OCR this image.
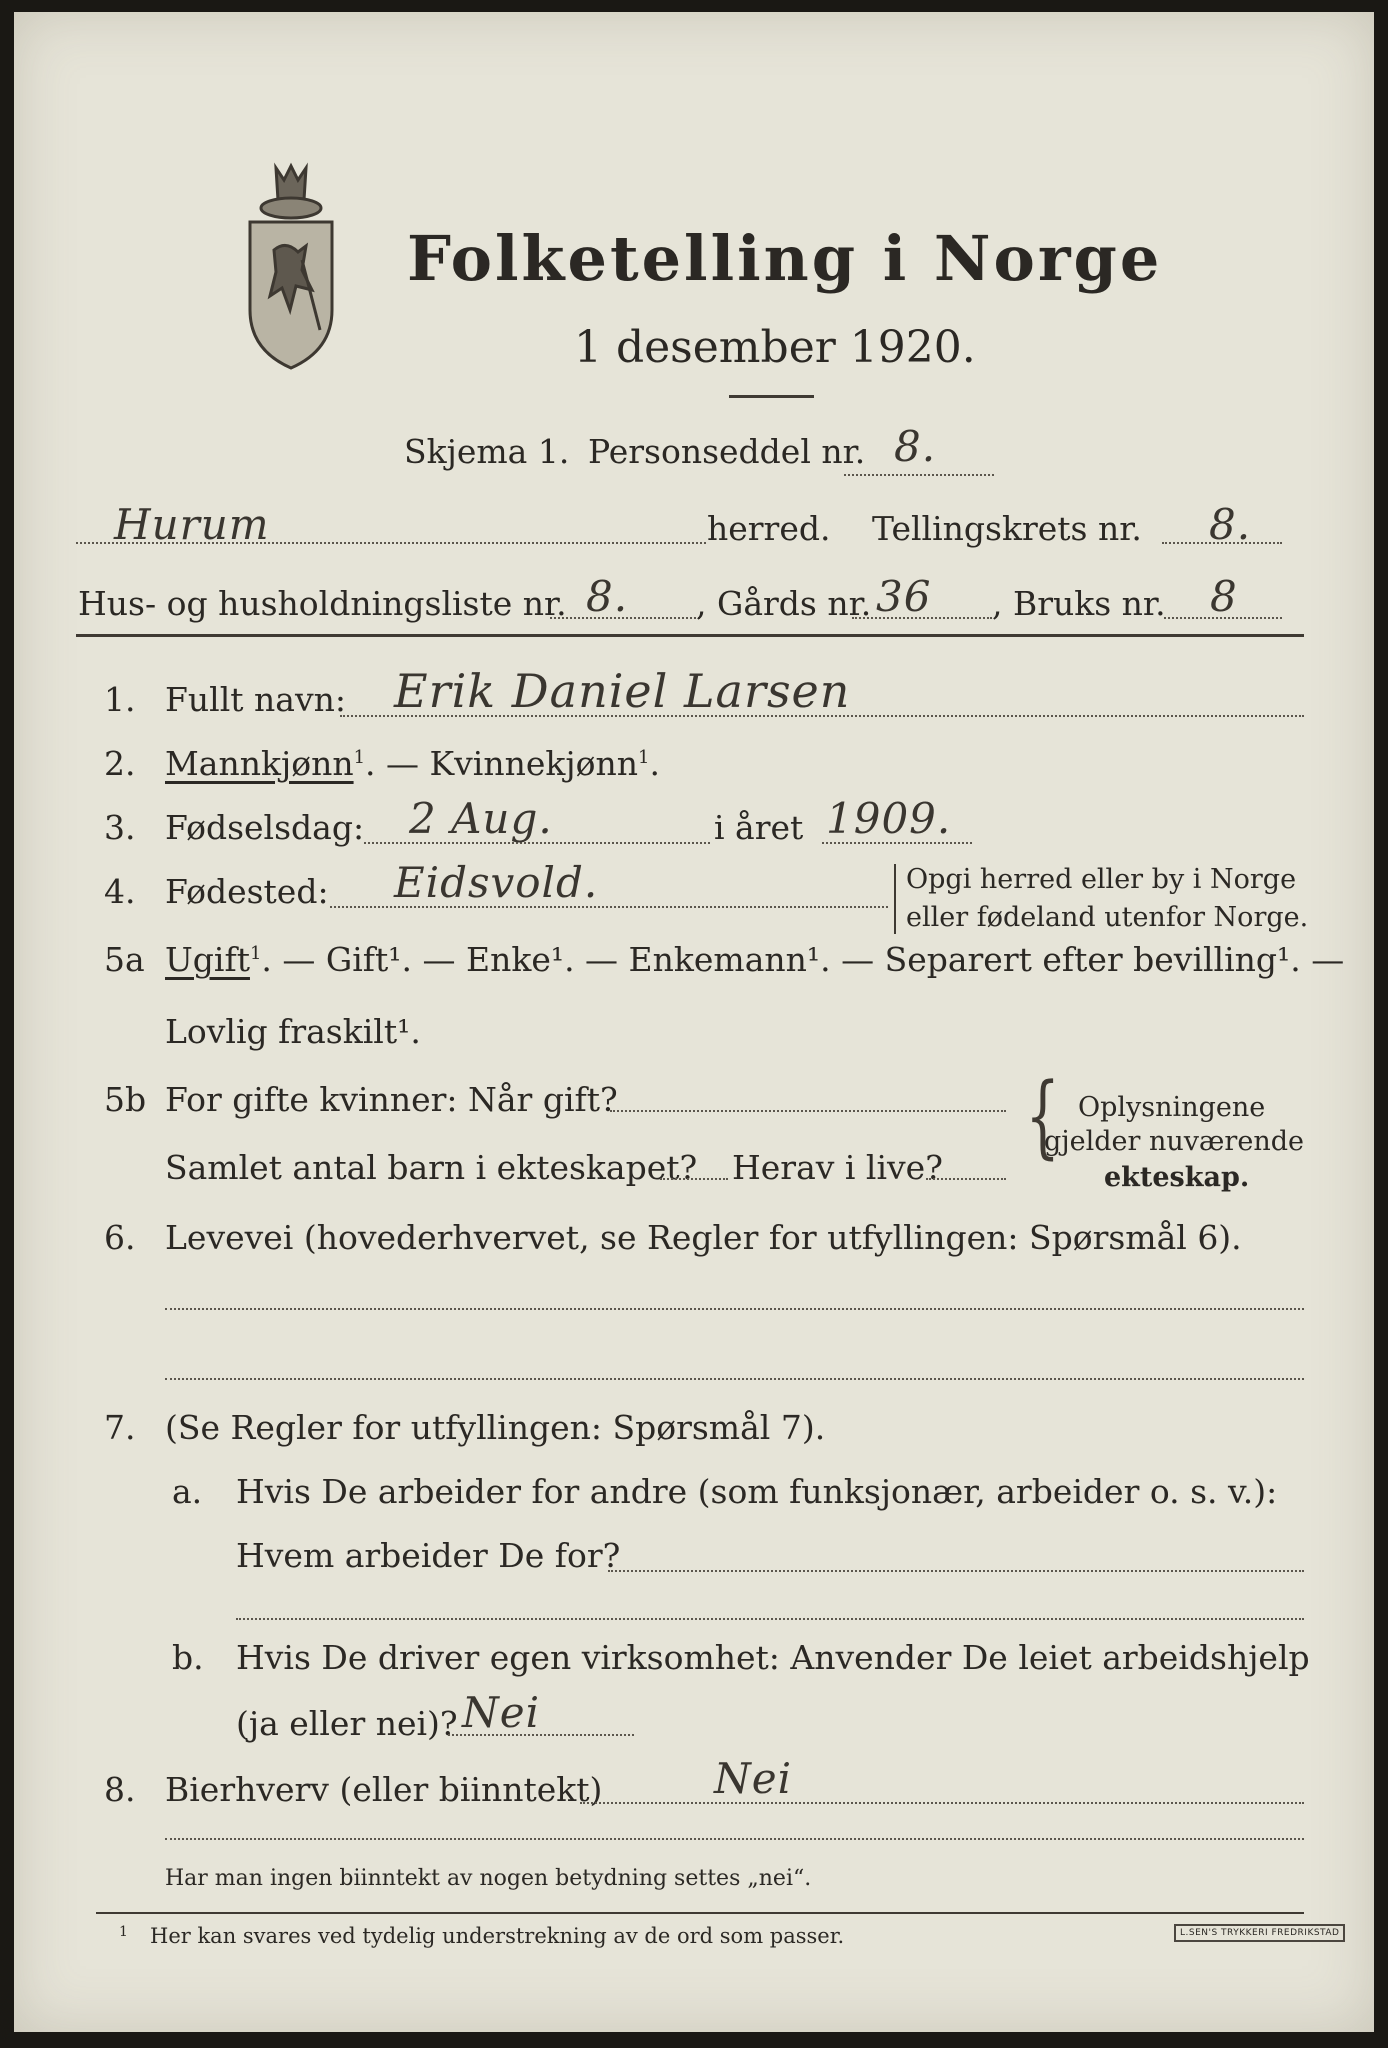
Folketelling i Norge
1 desember 1920.
Skjema 1. Personseddel nr. 8.
Hurum	herred. Tellingskrets nr. 8.
Hus- og husholdningsliste nr. 8. , Gårds nr. 36 , Bruks nr. 8
1. Fullt navn: Erik Daniel Larsen
2. Mannkjønn$^1$. — Kvinnekjønn$^1$.
3. Fødselsdag: 2 Aug.	i året 1909.
4. Fødested: Eidsvold.	Opgi herred eller by i Norge
eller fødeland utenfor Norge.
5a Ugift$^1$. — Gift¹. — Enke¹. — Enkemann¹. — Separert efter bevilling¹. —
Lovlig fraskilt¹.
5b For gifte kvinner: Når gift?
Samlet antal barn i ekteskapet? Herav i live? { Oplysningene
gjelder nuværende
ekteskap.
6. Levevei (hovederhvervet, se Regler for utfyllingen: Spørsmål 6).
7. (Se Regler for utfyllingen: Spørsmål 7).
a. Hvis De arbeider for andre (som funksjonær, arbeider o. s. v.):
Hvem arbeider De for?
b. Hvis De driver egen virksomhet: Anvender De leiet arbeidshjelp
(ja eller nei)? Nei
8. Bierhverv (eller biinntekt)	Nei
Har man ingen biinntekt av nogen betydning settes „nei“.
1 Her kan svares ved tydelig understrekning av de ord som passer.	L.SEN'S TRYKKERI FREDRIKSTAD
